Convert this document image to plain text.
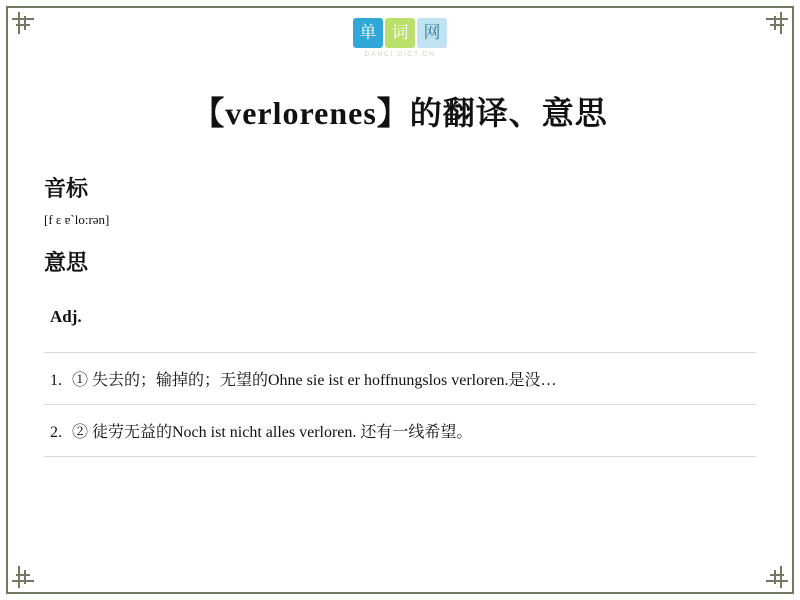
单 词 网
DANCI.DICT.CN
【verlorenes】的翻译、意思
音标
[f ɛ ɐ`lo:rən]
意思
Adj.
1. ① 失去的；输掉的；无望的Ohne sie ist er hoffnungslos verloren.是没…
2. ② 徒劳无益的Noch ist nicht alles verloren. 还有一线希望。
